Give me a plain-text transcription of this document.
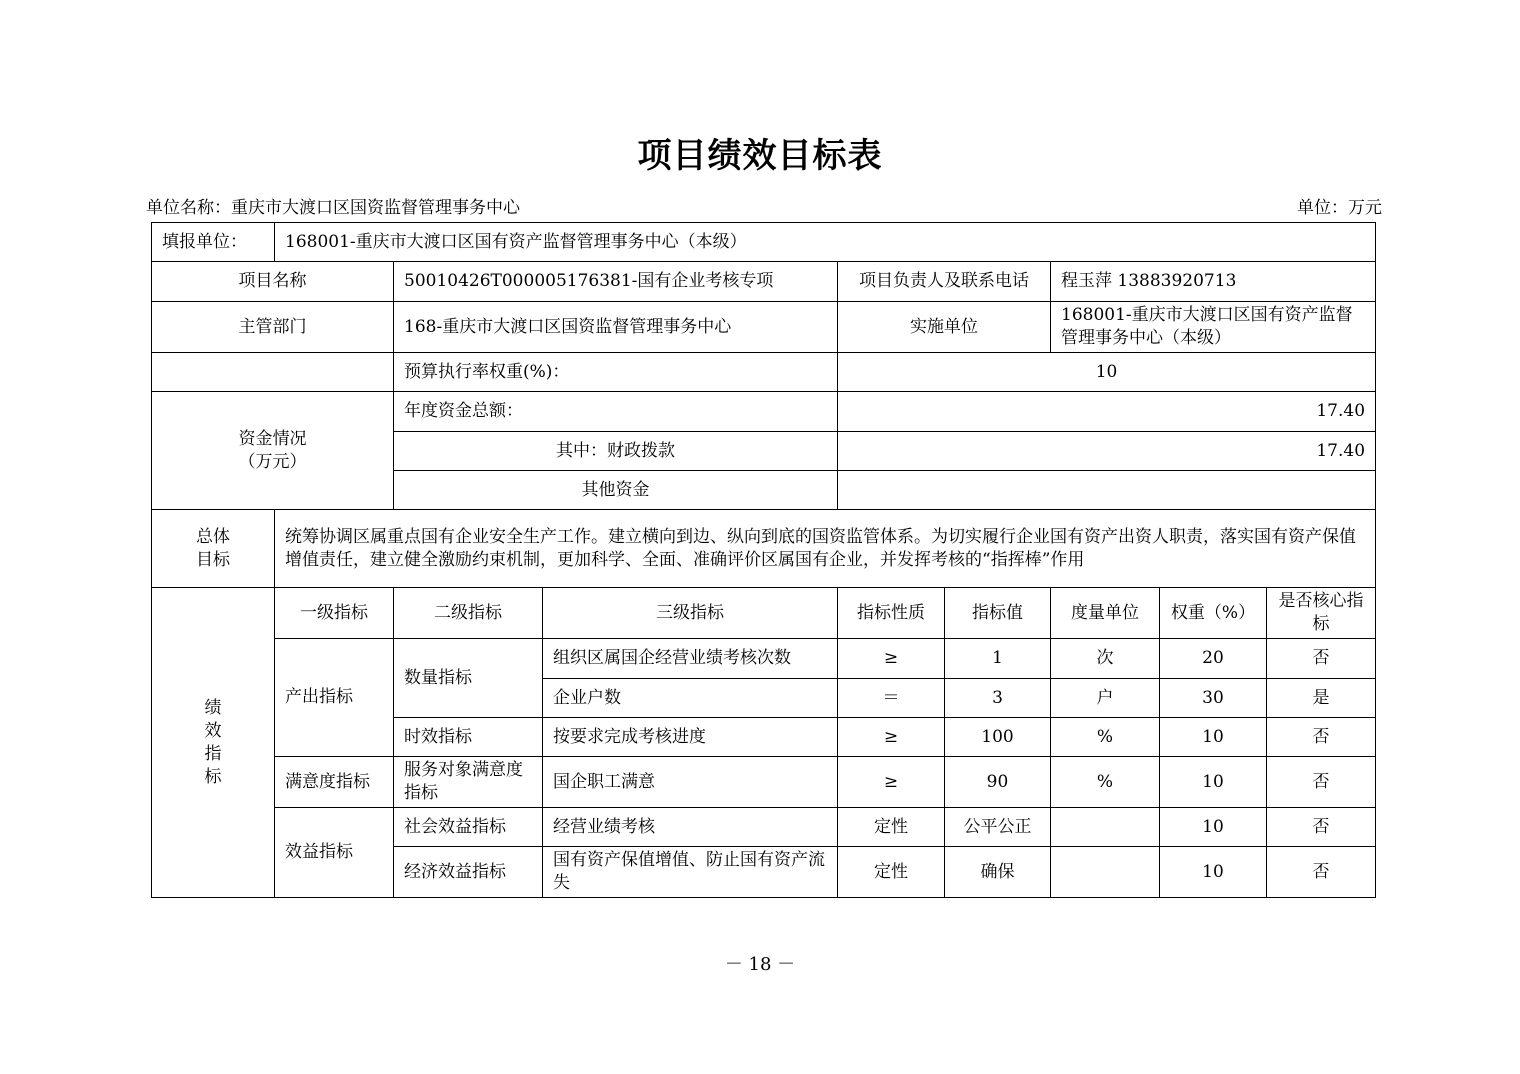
项目绩效目标表
单位名称：重庆市大渡口区国资监督管理事务中心	单位：万元
填报单位：	168001-重庆市大渡口区国有资产监督管理事务中心（本级）							
项目名称		50010426T000005176381-国有企业考核专项		项目负责人及联系电话		程玉萍 13883920713		
主管部门		168-重庆市大渡口区国资监督管理事务中心		实施单位		168001-重庆市大渡口区国有资产监督管理事务中心（本级）		
		预算执行率权重(%)：		10				

资金情况
（万元）		年度资金总额：		17.40				
		其中：财政拨款		17.40				
		其他资金						

总体
目标	统筹协调区属重点国有企业安全生产工作。建立横向到边、纵向到底的国资监管体系。为切实履行企业国有资产出资人职责，落实国有资产保值增值责任，建立健全激励约束机制，更加科学、全面、准确评价区属国有企业，并发挥考核的“指挥棒”作用							

绩
效
指
标	一级指标	二级指标	三级指标	指标性质	指标值	度量单位	权重（%）	是否核心指标
	产出指标	数量指标	组织区属国企经营业绩考核次数	≥	1	次	20	否
			企业户数	＝	3	户	30	是
		时效指标	按要求完成考核进度	≥	100	%	10	否
	满意度指标	服务对象满意度指标	国企职工满意	≥	90	%	10	否
	效益指标	社会效益指标	经营业绩考核	定性	公平公正		10	否
		经济效益指标	国有资产保值增值、防止国有资产流失	定性	确保		10	否
－ 18 －
